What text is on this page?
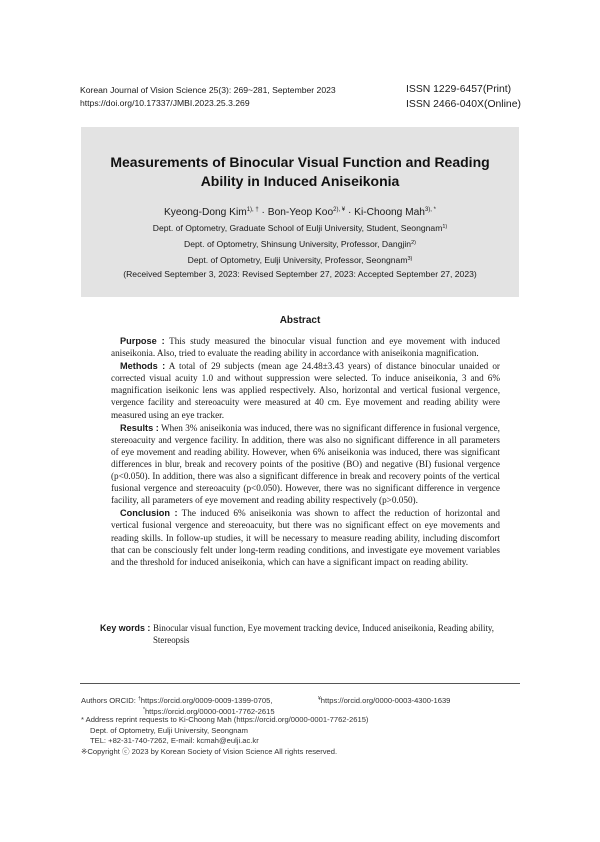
Korean Journal of Vision Science 25(3): 269~281, September 2023
https://doi.org/10.17337/JMBI.2023.25.3.269
ISSN 1229-6457(Print)
ISSN 2466-040X(Online)
Measurements of Binocular Visual Function and Reading
Ability in Induced Aniseikonia
Kyeong-Dong Kim$^{1), \dagger}$ · Bon-Yeop Koo$^{2), ¥}$ · Ki-Choong Mah$^{3), *}$
Dept. of Optometry, Graduate School of Eulji University, Student, Seongnam$^{1)}$
Dept. of Optometry, Shinsung University, Professor, Dangjin$^{2)}$
Dept. of Optometry, Eulji University, Professor, Seongnam$^{3)}$
(Received September 3, 2023: Revised September 27, 2023: Accepted September 27, 2023)
Abstract

Purpose : This study measured the binocular visual function and eye movement with induced aniseikonia. Also, tried to evaluate the reading ability in accordance with aniseikonia magnification.

Methods : A total of 29 subjects (mean age 24.48±3.43 years) of distance binocular unaided or corrected visual acuity 1.0 and without suppression were selected. To induce aniseikonia, 3 and 6% magnification iseikonic lens was applied respectively. Also, horizontal and vertical fusional vergence, vergence facility and stereoacuity were measured at 40 cm. Eye movement and reading ability were measured using an eye tracker.

Results : When 3% aniseikonia was induced, there was no significant difference in fusional vergence, stereoacuity and vergence facility. In addition, there was also no significant difference in all parameters of eye movement and reading ability. However, when 6% aniseikonia was induced, there was significant differences in blur, break and recovery points of the positive (BO) and negative (BI) fusional vergence (p<0.050). In addition, there was also a significant difference in break and recovery points of the vertical fusional vergence and stereoacuity (p<0.050). However, there was no significant difference in vergence facility, all parameters of eye movement and reading ability respectively (p>0.050).

Conclusion : The induced 6% aniseikonia was shown to affect the reduction of horizontal and vertical fusional vergence and stereoacuity, but there was no significant effect on eye movements and reading skills. In follow-up studies, it will be necessary to measure reading ability, including discomfort that can be consciously felt under long-term reading conditions, and investigate eye movement variables and the threshold for induced aniseikonia, which can have a significant impact on reading ability.

Key words : Binocular visual function, Eye movement tracking device, Induced aniseikonia, Reading ability, Stereopsis
Authors ORCID: †https://orcid.org/0009-0009-1399-0705,	¥https://orcid.org/0000-0003-4300-1639
*https://orcid.org/0000-0001-7762-2615
* Address reprint requests to Ki-Choong Mah (https://orcid.org/0000-0001-7762-2615)
Dept. of Optometry, Eulji University, Seongnam
TEL: +82-31-740-7262, E-mail: kcmah@eulji.ac.kr
※Copyright ⓒ 2023 by Korean Society of Vision Science All rights reserved.
